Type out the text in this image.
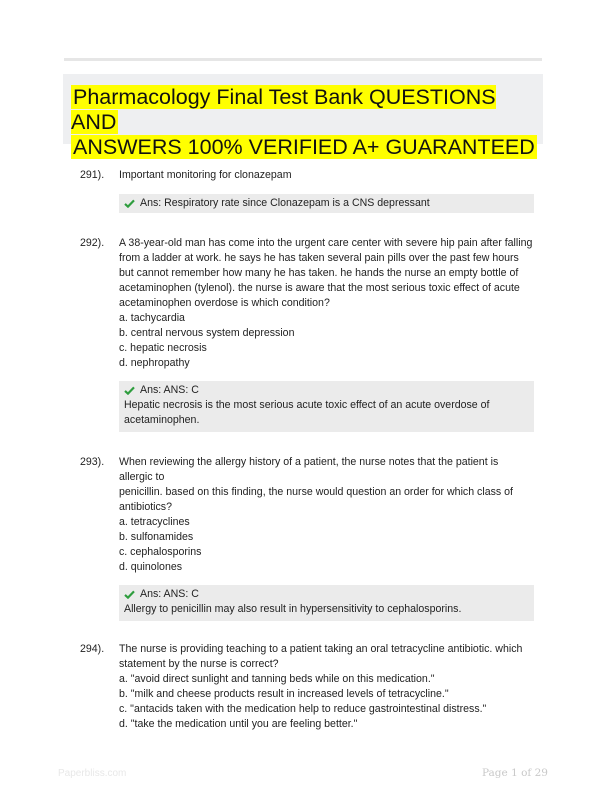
Pharmacology Final Test Bank QUESTIONS AND
ANSWERS 100% VERIFIED A+ GUARANTEED
291).	Important monitoring for clonazepam

Ans: Respiratory rate since Clonazepam is a CNS depressant
292).	A 38-year-old man has come into the urgent care center with severe hip pain after falling

from a ladder at work. he says he has taken several pain pills over the past few hours

but cannot remember how many he has taken. he hands the nurse an empty bottle of

acetaminophen (tylenol). the nurse is aware that the most serious toxic effect of acute

acetaminophen overdose is which condition?

a. tachycardia
b. central nervous system depression
c. hepatic necrosis
d. nephropathy
Ans: ANS: C
Hepatic necrosis is the most serious acute toxic effect of an acute overdose of
acetaminophen.
293).	When reviewing the allergy history of a patient, the nurse notes that the patient is

allergic to

penicillin. based on this finding, the nurse would question an order for which class of

antibiotics?

a. tetracyclines
b. sulfonamides
c. cephalosporins
d. quinolones
Ans: ANS: C
Allergy to penicillin may also result in hypersensitivity to cephalosporins.
294).	The nurse is providing teaching to a patient taking an oral tetracycline antibiotic. which

statement by the nurse is correct?

a. "avoid direct sunlight and tanning beds while on this medication."
b. "milk and cheese products result in increased levels of tetracycline."
c. "antacids taken with the medication help to reduce gastrointestinal distress."
d. "take the medication until you are feeling better."
Paperbliss.com	Page 1 of 29
